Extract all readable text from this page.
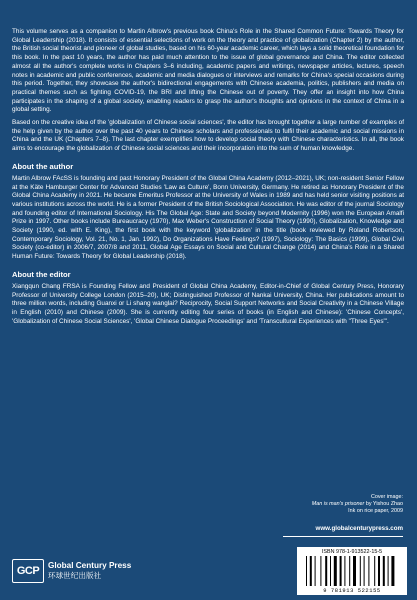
This volume serves as a companion to Martin Albrow's previous book China's Role in the Shared Common Future: Towards Theory for Global Leadership (2018). It consists of essential selections of work on the theory and practice of globalization (Chapter 2) by the author, the British social theorist and pioneer of global studies, based on his 60-year academic career, which lays a solid theoretical foundation for this book. In the past 10 years, the author has paid much attention to the issue of global governance and China. The editor collected almost all the author's complete works in Chapters 3–6 including, academic papers and writings, newspaper articles, lectures, speech notes in academic and public conferences, academic and media dialogues or interviews and remarks for China's special occasions during this period. Together, they showcase the author's bidirectional engagements with Chinese academia, politics, publishers and media on practical themes such as fighting COVID-19, the BRI and lifting the Chinese out of poverty. They offer an insight into how China participates in the shaping of a global society, enabling readers to grasp the author's thoughts and opinions in the context of China in a global setting.

Based on the creative idea of the 'globalization of Chinese social sciences', the editor has brought together a large number of examples of the help given by the author over the past 40 years to Chinese scholars and professionals to fulfil their academic and social missions in China and the UK (Chapters 7–8). The last chapter exemplifies how to develop social theory with Chinese characteristics. In all, the book aims to encourage the globalization of Chinese social sciences and their incorporation into the sum of human knowledge.

About the author

Martin Albrow FAcSS is founding and past Honorary President of the Global China Academy (2012–2021), UK; non-resident Senior Fellow at the Käte Hamburger Center for Advanced Studies 'Law as Culture', Bonn University, Germany. He retired as Honorary President of the Global China Academy in 2021. He became Emeritus Professor at the University of Wales in 1989 and has held senior visiting positions at various institutions across the world. He is a former President of the British Sociological Association. He was editor of the journal Sociology and founding editor of International Sociology. His The Global Age: State and Society beyond Modernity (1996) won the European Amalfi Prize in 1997. Other books include Bureaucracy (1970), Max Weber's Construction of Social Theory (1990), Globalization, Knowledge and Society (1990, ed. with E. King), the first book with the keyword 'globalization' in the title (book reviewed by Roland Robertson, Contemporary Sociology, Vol. 21, No. 1, Jan. 1992), Do Organizations Have Feelings? (1997), Sociology: The Basics (1999), Global Civil Society (co-editor) in 2006/7, 2007/8 and 2011, Global Age Essays on Social and Cultural Change (2014) and China's Role in a Shared Human Future: Towards Theory for Global Leadership (2018).

About the editor

Xiangqun Chang FRSA is Founding Fellow and President of Global China Academy, Editor-in-Chief of Global Century Press, Honorary Professor of University College London (2015–20), UK; Distinguished Professor of Nankai University, China. Her publications amount to three million words, including Guanxi or Li shang wanglai? Reciprocity, Social Support Networks and Social Creativity in a Chinese Village in English (2010) and Chinese (2009). She is currently editing four series of books (in English and Chinese): 'Chinese Concepts', 'Globalization of Chinese Social Sciences', 'Global Chinese Dialogue Proceedings' and 'Transcultural Experiences with "Three Eyes"'.

Cover image:
Man is man's prisoner by Yishou Zhao
Ink on rice paper, 2009
www.globalcenturypress.com
GCP Global Century Press
环球世纪出版社
ISBN 978-1-913522-15-5
9 781913 522155
